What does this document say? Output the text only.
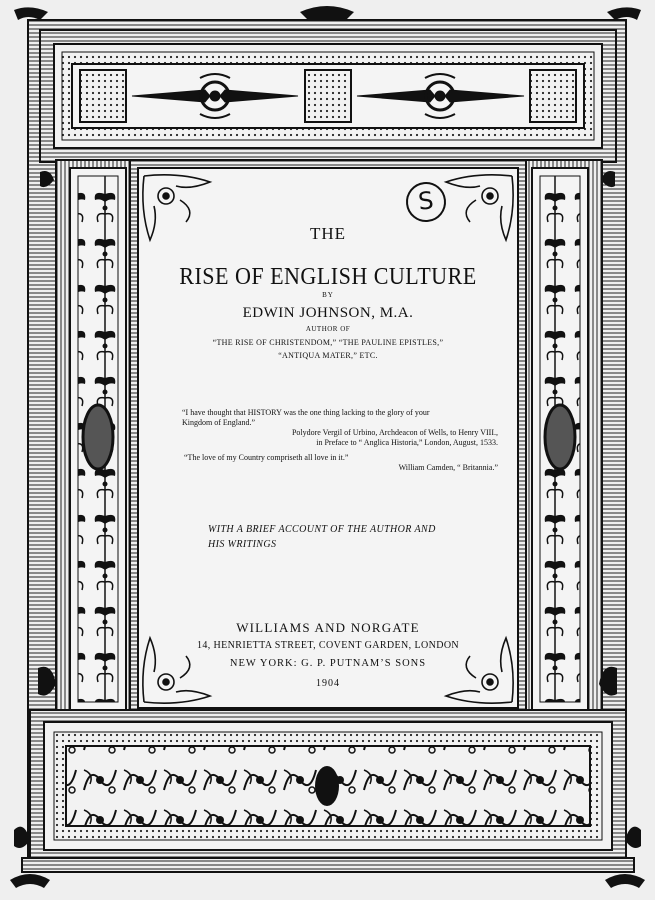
S
THE
RISE OF ENGLISH CULTURE
BY
EDWIN JOHNSON, M.A.
AUTHOR OF
“THE RISE OF CHRISTENDOM,” “THE PAULINE EPISTLES,”
“ANTIQUA MATER,” ETC.
“I have thought that HISTORY was the one thing lacking to the glory of your
Kingdom of England.”
Polydore Vergil of Urbino, Archdeacon of Wells, to Henry VIII.,
in Preface to “ Anglica Historia,” London, August, 1533.
“The love of my Country compriseth all love in it.”
William Camden, “ Britannia.”
WITH A BRIEF ACCOUNT OF THE AUTHOR AND
HIS WRITINGS
WILLIAMS AND NORGATE
14, HENRIETTA STREET, COVENT GARDEN, LONDON
NEW YORK: G. P. PUTNAM’S SONS
1904
